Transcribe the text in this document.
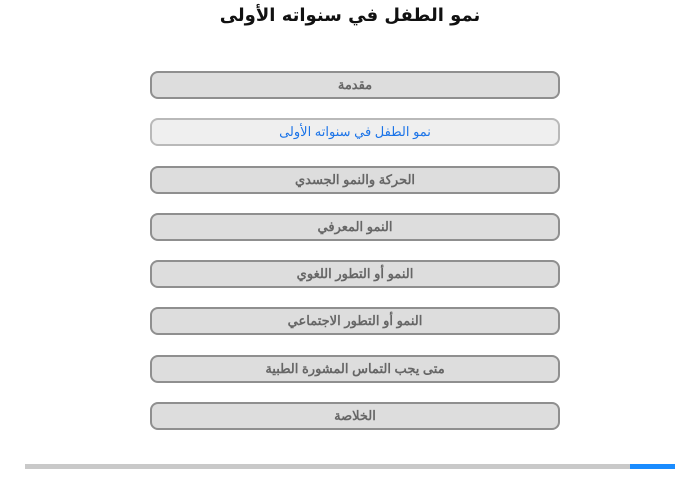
نمو الطفل في سنواته الأولى
مقدمة
نمو الطفل في سنواته الأولى
الحركة والنمو الجسدي
النمو المعرفي
النمو أو التطور اللغوي
النمو أو التطور الاجتماعي
متى يجب التماس المشورة الطبية
الخلاصة
